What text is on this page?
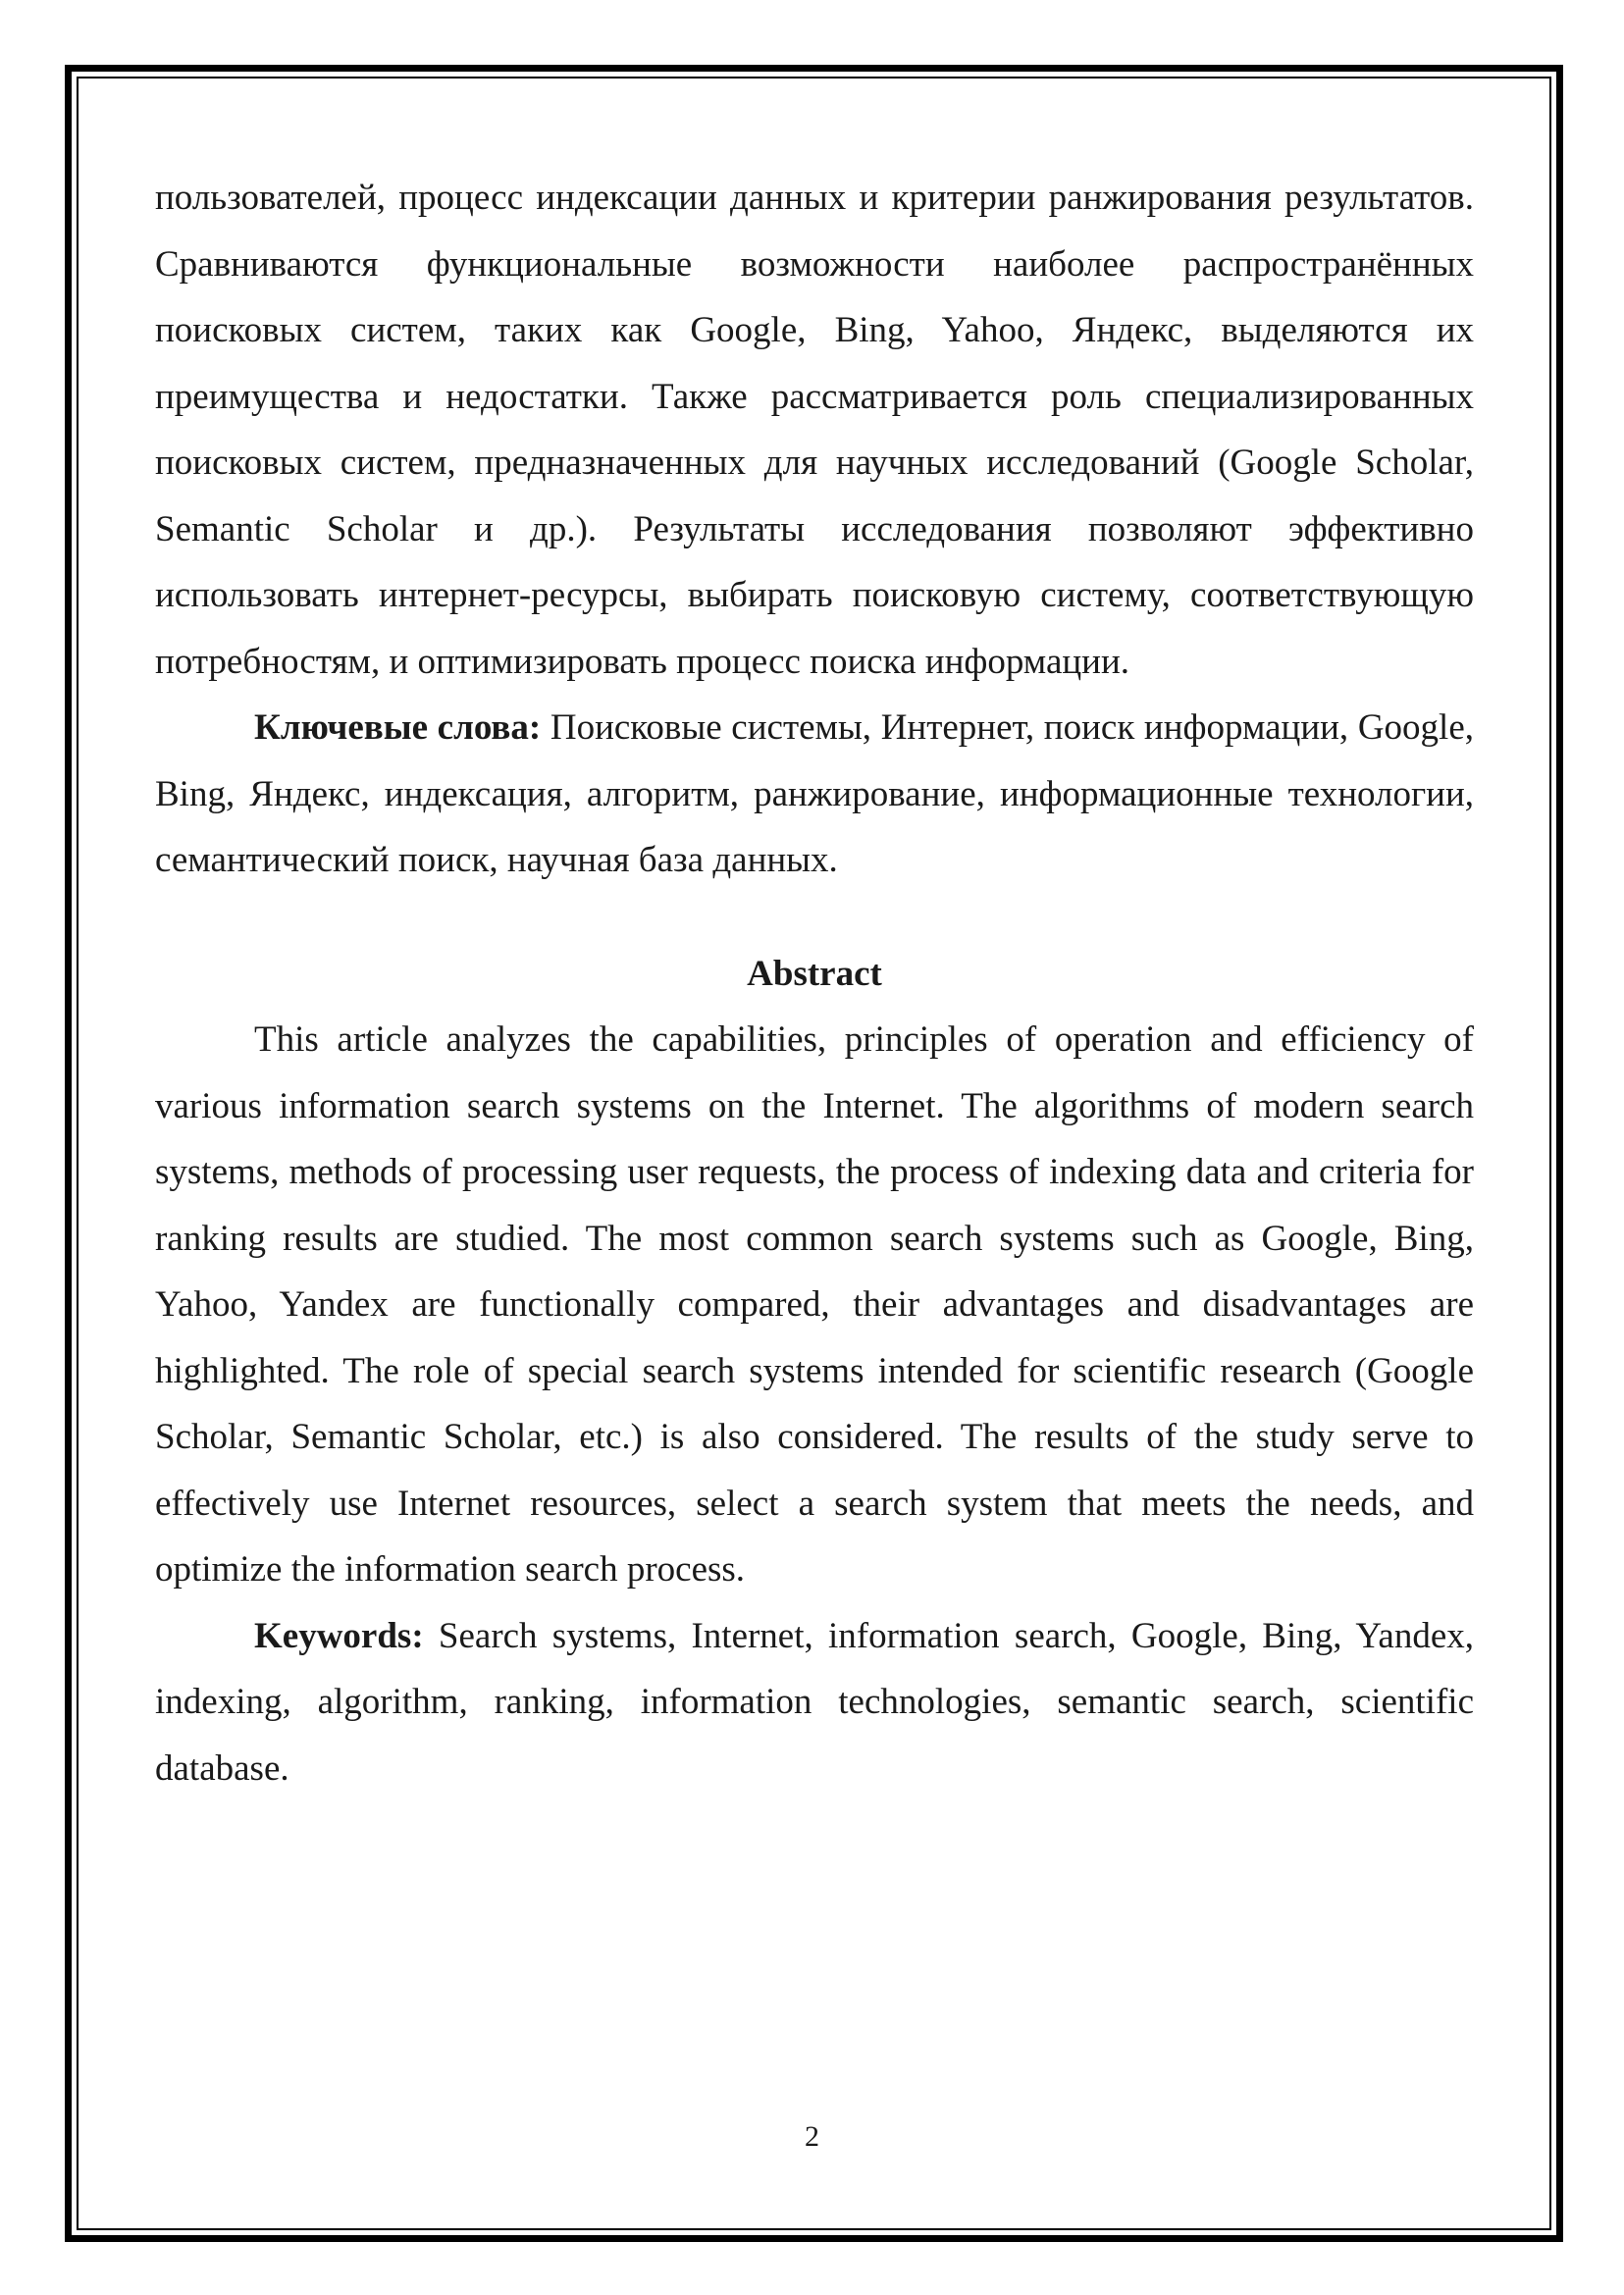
пользователей, процесс индексации данных и критерии ранжирования результатов. Сравниваются функциональные возможности наиболее распространённых поисковых систем, таких как Google, Bing, Yahoo, Яндекс, выделяются их преимущества и недостатки. Также рассматривается роль специализированных поисковых систем, предназначенных для научных исследований (Google Scholar, Semantic Scholar и др.). Результаты исследования позволяют эффективно использовать интернет-ресурсы, выбирать поисковую систему, соответствующую потребностям, и оптимизировать процесс поиска информации.

Ключевые слова: Поисковые системы, Интернет, поиск информации, Google, Bing, Яндекс, индексация, алгоритм, ранжирование, информационные технологии, семантический поиск, научная база данных.

Abstract

This article analyzes the capabilities, principles of operation and efficiency of various information search systems on the Internet. The algorithms of modern search systems, methods of processing user requests, the process of indexing data and criteria for ranking results are studied. The most common search systems such as Google, Bing, Yahoo, Yandex are functionally compared, their advantages and disadvantages are highlighted. The role of special search systems intended for scientific research (Google Scholar, Semantic Scholar, etc.) is also considered. The results of the study serve to effectively use Internet resources, select a search system that meets the needs, and optimize the information search process.

Keywords: Search systems, Internet, information search, Google, Bing, Yandex, indexing, algorithm, ranking, information technologies, semantic search, scientific database.

2
